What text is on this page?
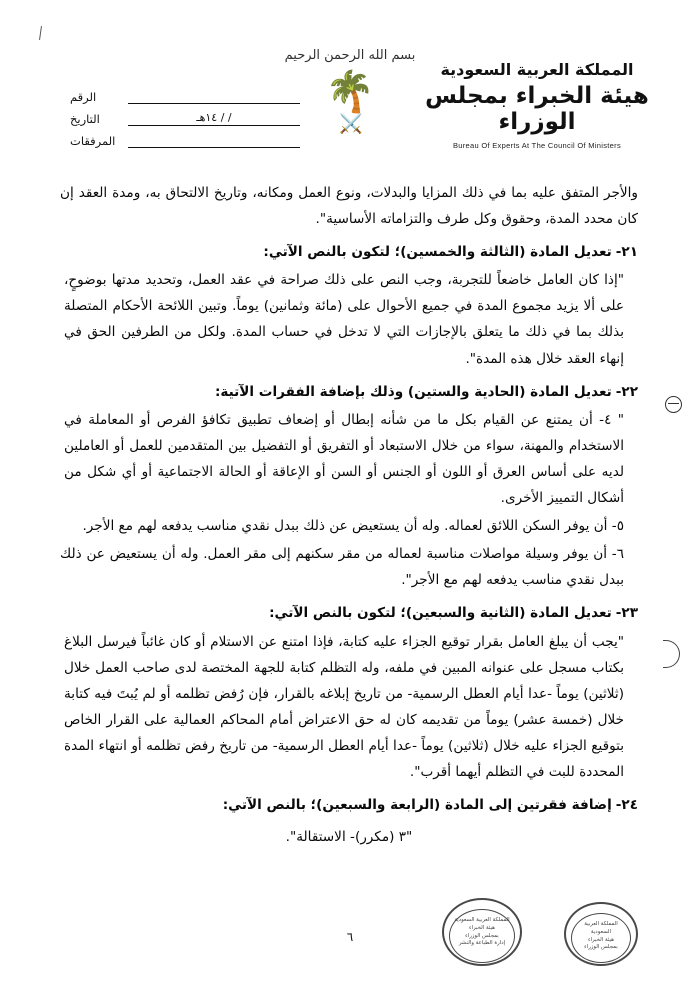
بسم الله الرحمن الرحيم
🌴
⚔️
المملكة العربية السعودية
هيئة الخبراء بمجلس الوزراء
Bureau Of Experts At The Council Of Ministers
الرقم
/ / ١٤هـ
التاريخ
المرفقات

والأجر المتفق عليه بما في ذلك المزايا والبدلات، ونوع العمل ومكانه، وتاريخ الالتحاق به، ومدة العقد إن كان محدد المدة، وحقوق وكل طرف والتزاماته الأساسية".

٢١-
تعديل المادة (الثالثة والخمسين)؛ لتكون بالنص الآتي:

"إذا كان العامل خاضعاً للتجربة، وجب النص على ذلك صراحة في عقد العمل، وتحديد مدتها بوضوحٍ، على ألا يزيد مجموع المدة في جميع الأحوال على (مائة وثمانين) يوماً. وتبين اللائحة الأحكام المتصلة بذلك بما في ذلك ما يتعلق بالإجازات التي لا تدخل في حساب المدة. ولكل من الطرفين الحق في إنهاء العقد خلال هذه المدة".

٢٢-
تعديل المادة (الحادية والستين) وذلك بإضافة الفقرات الآتية:

" ٤- أن يمتنع عن القيام بكل ما من شأنه إبطال أو إضعاف تطبيق تكافؤ الفرص أو المعاملة في الاستخدام والمهنة، سواء من خلال الاستبعاد أو التفريق أو التفضيل بين المتقدمين للعمل أو العاملين لديه على أساس العرق أو اللون أو الجنس أو السن أو الإعاقة أو الحالة الاجتماعية أو أي شكل من أشكال التمييز الأخرى.

٥- أن يوفر السكن اللائق لعماله. وله أن يستعيض عن ذلك ببدل نقدي مناسب يدفعه لهم مع الأجر.

٦- أن يوفر وسيلة مواصلات مناسبة لعماله من مقر سكنهم إلى مقر العمل. وله أن يستعيض عن ذلك ببدل نقدي مناسب يدفعه لهم مع الأجر".

٢٣-
تعديل المادة (الثانية والسبعين)؛ لتكون بالنص الآتي:

"يجب أن يبلغ العامل بقرار توقيع الجزاء عليه كتابة، فإذا امتنع عن الاستلام أو كان غائباً فيرسل البلاغ بكتاب مسجل على عنوانه المبين في ملفه، وله التظلم كتابة للجهة المختصة لدى صاحب العمل خلال (ثلاثين) يوماً -عدا أيام العطل الرسمية- من تاريخ إبلاغه بالقرار، فإن رُفض تظلمه أو لم يُبتَ فيه كتابة خلال (خمسة عشر) يوماً من تقديمه كان له حق الاعتراض أمام المحاكم العمالية على القرار الخاص بتوقيع الجزاء عليه خلال (ثلاثين) يوماً -عدا أيام العطل الرسمية- من تاريخ رفض تظلمه أو انتهاء المدة المحددة للبت في التظلم أيهما أقرب".

٢٤-
إضافة فقرتين إلى المادة (الرابعة والسبعين)؛ بالنص الآتي:

"٣ (مكرر)- الاستقالة".

٦
المملكة العربية
السعودية
هيئة الخبراء
بمجلس الوزراء
المملكة العربية السعودية
هيئة الخبراء
بمجلس الوزراء
إدارة الطباعة والنشر
